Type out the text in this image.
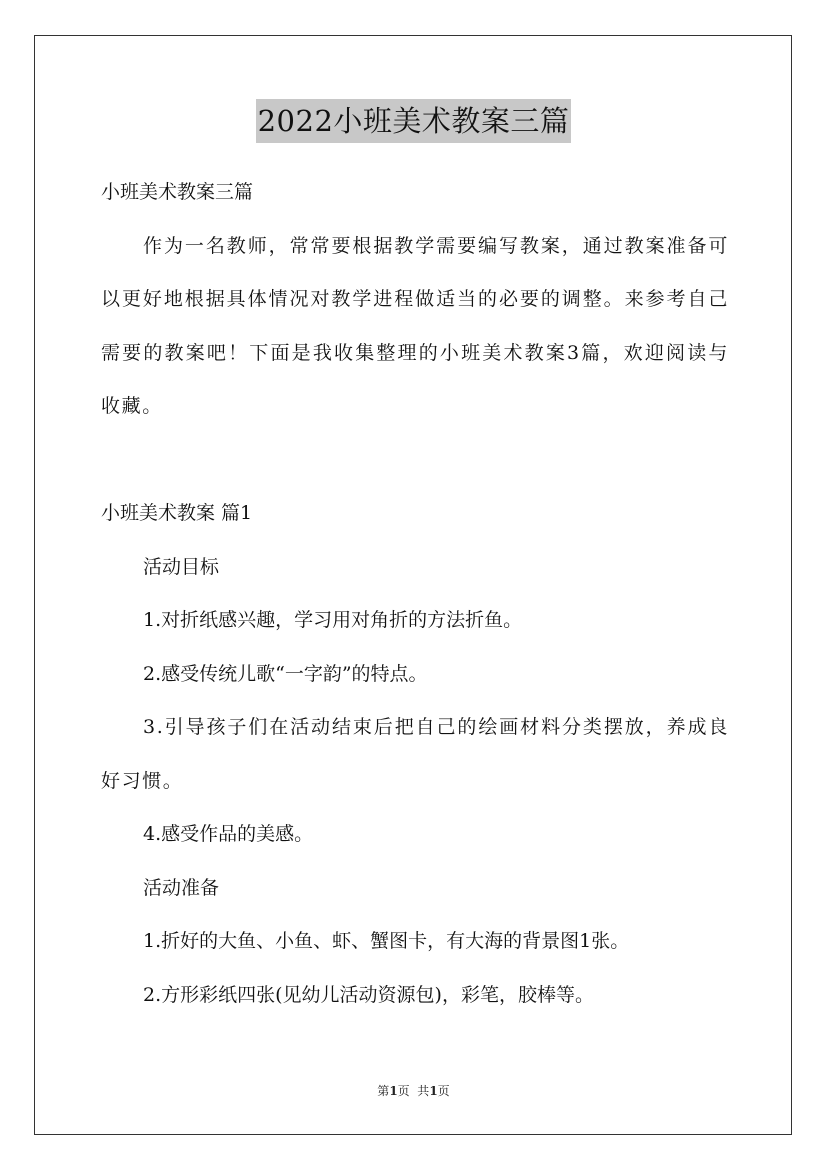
2022小班美术教案三篇

小班美术教案三篇

作为一名教师，常常要根据教学需要编写教案，通过教案准备可以更好地根据具体情况对教学进程做适当的必要的调整。来参考自己需要的教案吧！下面是我收集整理的小班美术教案3篇，欢迎阅读与收藏。

小班美术教案 篇1

活动目标

1.对折纸感兴趣，学习用对角折的方法折鱼。

2.感受传统儿歌“一字韵”的特点。

3.引导孩子们在活动结束后把自己的绘画材料分类摆放，养成良好习惯。

4.感受作品的美感。

活动准备

1.折好的大鱼、小鱼、虾、蟹图卡，有大海的背景图1张。

2.方形彩纸四张(见幼儿活动资源包)，彩笔，胶棒等。

第1页  共1页
